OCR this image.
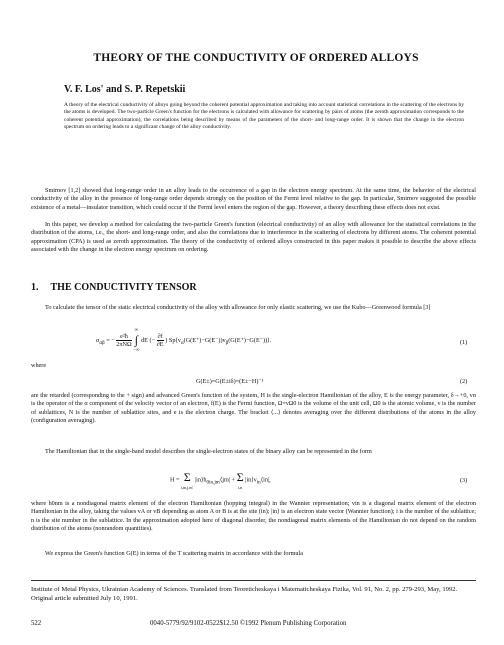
THEORY OF THE CONDUCTIVITY OF ORDERED ALLOYS
V. F. Los' and S. P. Repetskii
A theory of the electrical conductivity of alloys going beyond the coherent potential approximation and taking into account statistical correlations in the scattering of the electrons by the atoms is developed. The two-particle Green's function for the electrons is calculated with allowance for scattering by pairs of atoms (the zeroth approximation corresponds to the coherent potential approximation), the correlations being described by means of the parameters of the short- and long-range order. It is shown that the change in the electron spectrum on ordering leads to a significant change of the alloy conductivity.
Smirnov [1,2] showed that long-range order in an alloy leads to the occurrence of a gap in the electron energy spectrum. At the same time, the behavior of the electrical conductivity of the alloy in the presence of long-range order depends strongly on the position of the Fermi level relative to the gap. In particular, Smirnov suggested the possible existence of a metal—insulator transition, which could occur if the Fermi level enters the region of the gap. However, a theory describing these effects does not exist.
In this paper, we develop a method for calculating the two-particle Green's function (electrical conductivity) of an alloy with allowance for the statistical correlations in the distribution of the atoms, i.e., the short- and long-range order, and also the correlations due to interference in the scattering of electrons by different atoms. The coherent potential approximation (CPA) is used as zeroth approximation. The theory of the conductivity of ordered alloys constructed in this paper makes it possible to describe the above effects associated with the change in the electron energy spectrum on ordering.
1. THE CONDUCTIVITY TENSOR
To calculate the tensor of the static electrical conductivity of the alloy with allowance for only elastic scattering, we use the Kubo—Greenwood formula [3]
$\sigma_{\alpha\beta}$ = − $\frac{\text{e²ħ}}{\text{2πNΩ}}$

∞
∫
−∞
dE (− $\frac{\partial f}{\partial E}$ ) $Sp⟨v_\alpha(G(E^+)-G(E^-))v_\beta(G(E^+)-G(E^-))⟩$.	(1)
where
G(E±)=G(E±iδ)=(E±−H)⁻¹	(2)
are the retarded (corresponding to the + sign) and advanced Green's function of the system, H is the single-electron Hamiltonian of the alloy, E is the energy parameter, δ→+0, vα is the operator of the α component of the velocity vector of an electron, f(E) is the Fermi function, Ω=νΩ0 is the volume of the unit cell, Ω0 is the atomic volume, ν is the number of sublattices, N is the number of sublattice sites, and e is the electron charge. The bracket ⟨...⟩ denotes averaging over the different distributions of the atoms in the alloy (configuration averaging).
The Hamiltonian that in the single-band model describes the single-electron states of the binary alloy can be represented in the form
H = Σ
i,m,j,m′
$|in⟩h_{0in,jm}⟨jm| + \Sigma$
i,n
$|in⟩v_{in}⟨in|$,	(3)
where h0nm is a nondiagonal matrix element of the electron Hamiltonian (hopping integral) in the Wannier representation; vin is a diagonal matrix element of the electron Hamiltonian in the alloy, taking the values vA or vB depending as atom A or B is at the site (in); |in⟩ is an electron state vector (Wannier function); i is the number of the sublattice; n is the site number in the sublattice. In the approximation adopted here of diagonal disorder, the nondiagonal matrix elements of the Hamiltonian do not depend on the random distribution of the atoms (nonrandom quantities).
We express the Green's function G(E) in terms of the T scattering matrix in accordance with the formula
Institute of Metal Physics, Ukrainian Academy of Sciences. Translated from Teoreticheskaya i Matematicheskaya Fizika, Vol. 91, No. 2, pp. 279-293, May, 1992. Original article submitted July 10, 1991.
522	0040-5779/92/9102-0522$12.50 ©1992 Plenum Publishing Corporation
